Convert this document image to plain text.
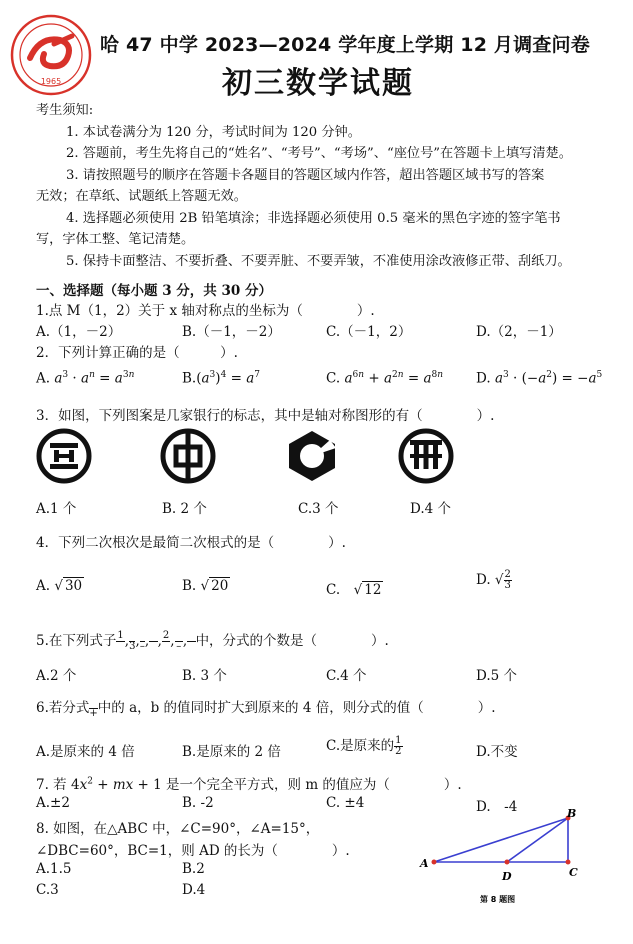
1965
哈 47 中学 2023—2024 学年度上学期 12 月调查问卷
初三数学试题
考生须知:
1. 本试卷满分为 120 分，考试时间为 120 分钟。
2. 答题前，考生先将自己的“姓名”、“考号”、“考场”、“座位号”在答题卡上填写清楚。
3. 请按照题号的顺序在答题卡各题目的答题区域内作答，超出答题区域书写的答案
无效；在草纸、试题纸上答题无效。
4. 选择题必须使用 2B 铅笔填涂；非选择题必须使用 0.5 毫米的黑色字迹的签字笔书
写，字体工整、笔记清楚。
5. 保持卡面整洁、不要折叠、不要弄脏、不要弄皱，不准使用涂改液修正带、刮纸刀。
一、选择题（每小题 3 分，共 30 分）
1.点 M（1，2）关于 x 轴对称点的坐标为（　　　　）.
A.（1，－2）	B.（－1，－2）	C.（－1，2）	D.（2，－1）
2．下列计算正确的是（　　　）.
A. $a^3 \cdot a^n = a^{3n}$	$B.(a^3)^4 = a^7$	C. $a^{6n} + a^{2n} = a^{8n}$ D. $a^3 \cdot (-a^2) = -a^5$
3．如图，下列图案是几家银行的标志，其中是轴对称图形的有（　　　　）.
A.1 个	B. 2 个	C.3 个	D.4 个
4．下列二次根次是最简二次根式的是（　　　　）.
A. √ 30	B. √ 20	C.　√ 12
D. √ $\frac{2}{3}$
5.在下列式子 1
,
3 ,
– ,

, 2
,
– ,

中，分式的个数是（　　　　）.
A.2 个	B. 3 个	C.4 个	D.5 个
6.若分式
+ 中的 a，b 的值同时扩大到原来的 4 倍，则分式的值（　　　　）.
A.是原来的 4 倍	B.是原来的 2 倍	C.是原来的 $\frac{1}{2}$	D.不变
7. 若 $4x^2$ + mx + 1 是一个完全平方式，则 m 的值应为（　　　　）.
A.±2	B. -2	C. ±4	D.　-4
8. 如图，在△ABC 中，∠C=90°，∠A=15°，
∠DBC=60°，BC=1，则 AD 的长为（　　　　）.
A.1.5	B.2
C.3	D.4
A
D
B
C
第 8 题图
